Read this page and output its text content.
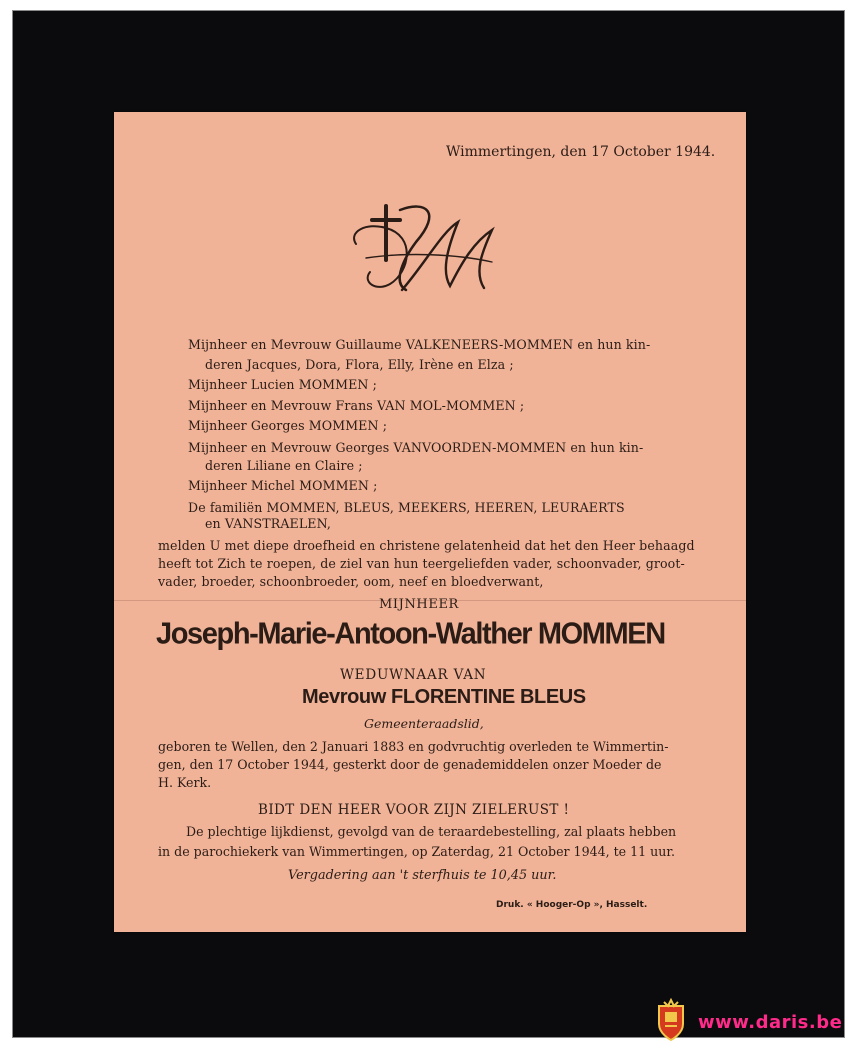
Wimmertingen, den 17 October 1944.
Mijnheer en Mevrouw Guillaume VALKENEERS-MOMMEN en hun kin-
deren Jacques, Dora, Flora, Elly, Irène en Elza ;
Mijnheer Lucien MOMMEN ;
Mijnheer en Mevrouw Frans VAN MOL-MOMMEN ;
Mijnheer Georges MOMMEN ;
Mijnheer en Mevrouw Georges VANVOORDEN-MOMMEN en hun kin-
deren Liliane en Claire ;
Mijnheer Michel MOMMEN ;
De familiën MOMMEN, BLEUS, MEEKERS, HEEREN, LEURAERTS
en VANSTRAELEN,
melden U met diepe droefheid en christene gelatenheid dat het den Heer behaagd
heeft tot Zich te roepen, de ziel van hun teergeliefden vader, schoonvader, groot-
vader, broeder, schoonbroeder, oom, neef en bloedverwant,
MIJNHEER
Joseph-Marie-Antoon-Walther MOMMEN
WEDUWNAAR VAN
Mevrouw FLORENTINE BLEUS
Gemeenteraadslid,
geboren te Wellen, den 2 Januari 1883 en godvruchtig overleden te Wimmertin-
gen, den 17 October 1944, gesterkt door de genademiddelen onzer Moeder de
H. Kerk.
BIDT DEN HEER VOOR ZIJN ZIELERUST !
De plechtige lijkdienst, gevolgd van de teraardebestelling, zal plaats hebben
in de parochiekerk van Wimmertingen, op Zaterdag, 21 October 1944, te 11 uur.
Vergadering aan 't sterfhuis te 10,45 uur.
Druk. « Hooger-Op », Hasselt.
www.daris.be
